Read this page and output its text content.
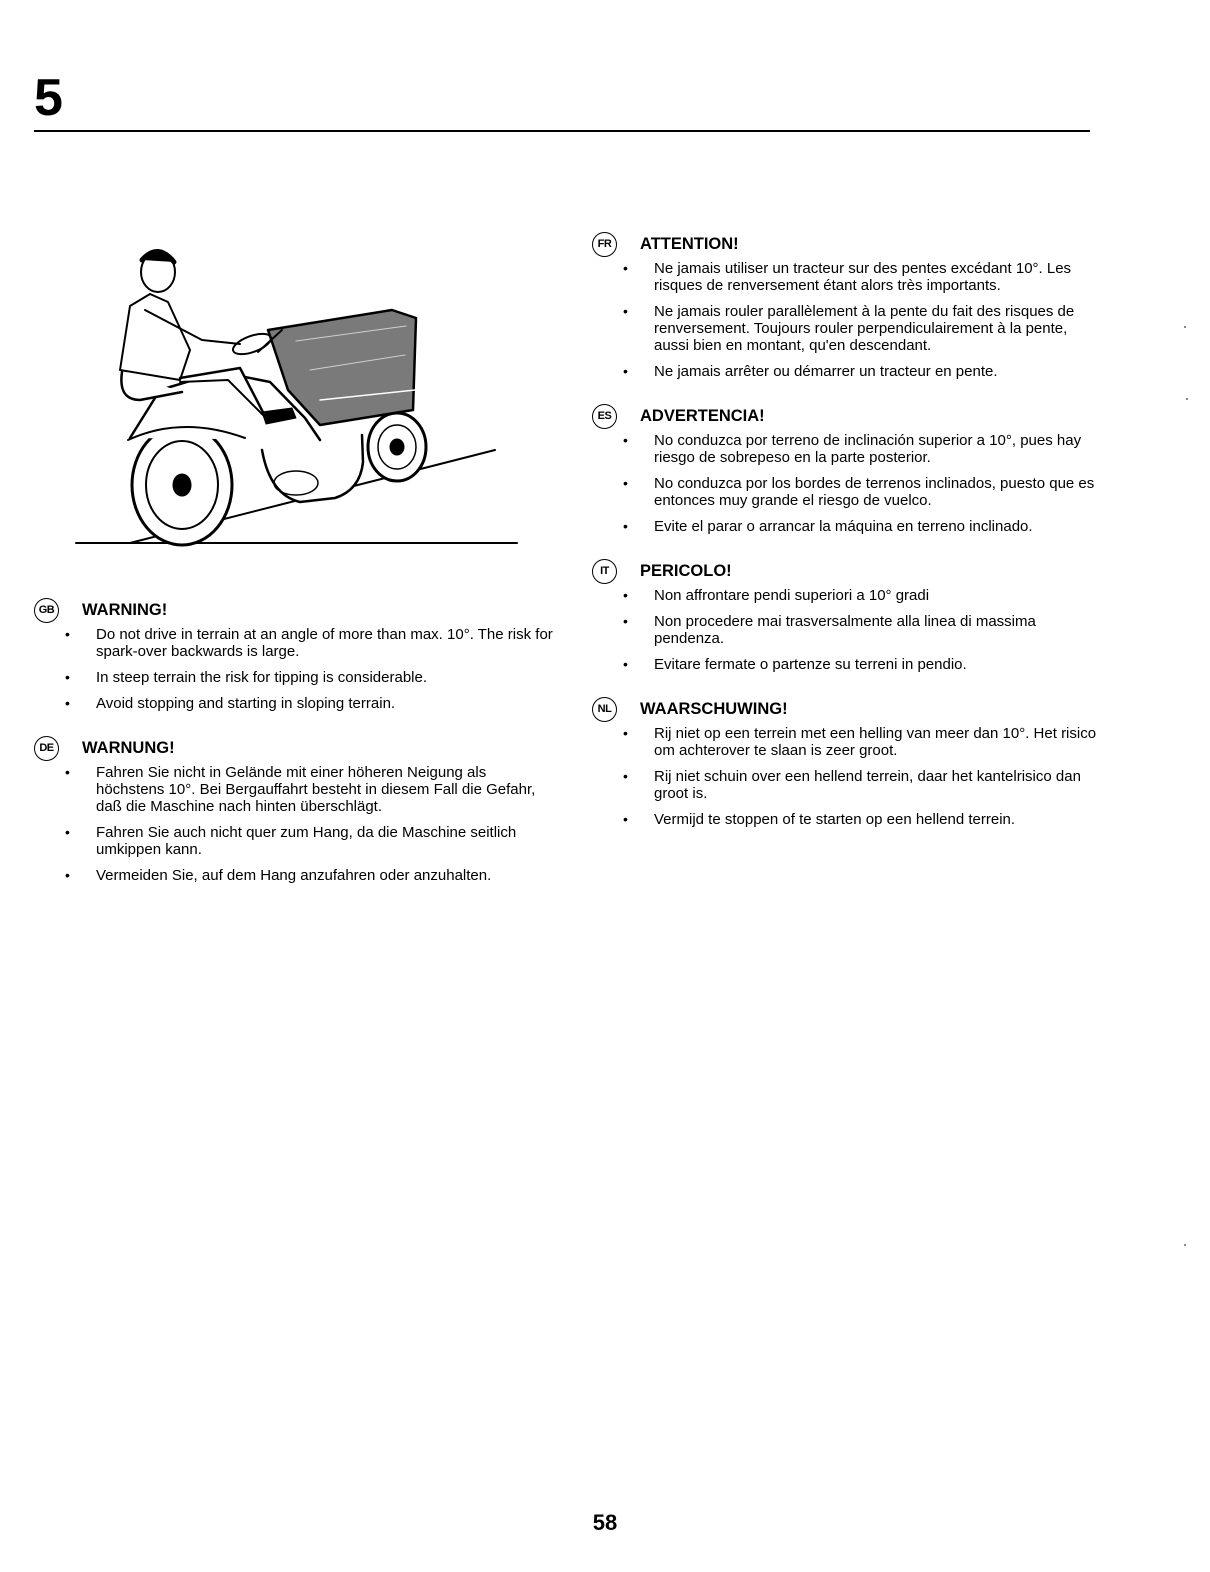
5
GB WARNING!
• Do not drive in terrain at an angle of more than max. 10°. The risk for spark-over backwards is large.
• In steep terrain the risk for tipping is considerable.
• Avoid stopping and starting in sloping terrain.
DE	WARNUNG!
• Fahren Sie nicht in Gelände mit einer höheren Neigung als höchstens 10°. Bei Bergauffahrt besteht in diesem Fall die Gefahr, daß die Maschine nach hinten überschlägt.
• Fahren Sie auch nicht quer zum Hang, da die Maschine seitlich umkippen kann.
• Vermeiden Sie, auf dem Hang anzufahren oder anzuhalten.
FR	ATTENTION!
• Ne jamais utiliser un tracteur sur des pentes excédant 10°. Les risques de renversement étant alors très importants.
• Ne jamais rouler parallèlement à la pente du fait des risques de renversement. Toujours rouler perpendiculairement à la pente, aussi bien en montant, qu'en descendant.
• Ne jamais arrêter ou démarrer un tracteur en pente.
ES	ADVERTENCIA!
• No conduzca por terreno de inclinación superior a 10°, pues hay riesgo de sobrepeso en la parte posterior.
• No conduzca por los bordes de terrenos inclinados, puesto que es entonces muy grande el riesgo de vuelco.
• Evite el parar o arrancar la máquina en terreno inclinado.
IT	PERICOLO!
• Non affrontare pendi superiori a 10° gradi
• Non procedere mai trasversalmente alla linea di massima pendenza.
• Evitare fermate o partenze su terreni in pendio.
NL	WAARSCHUWING!
• Rij niet op een terrein met een helling van meer dan 10°. Het risico om achterover te slaan is zeer groot.
• Rij niet schuin over een hellend terrein, daar het kantelrisico dan groot is.
• Vermijd te stoppen of te starten op een hellend terrein.
58
